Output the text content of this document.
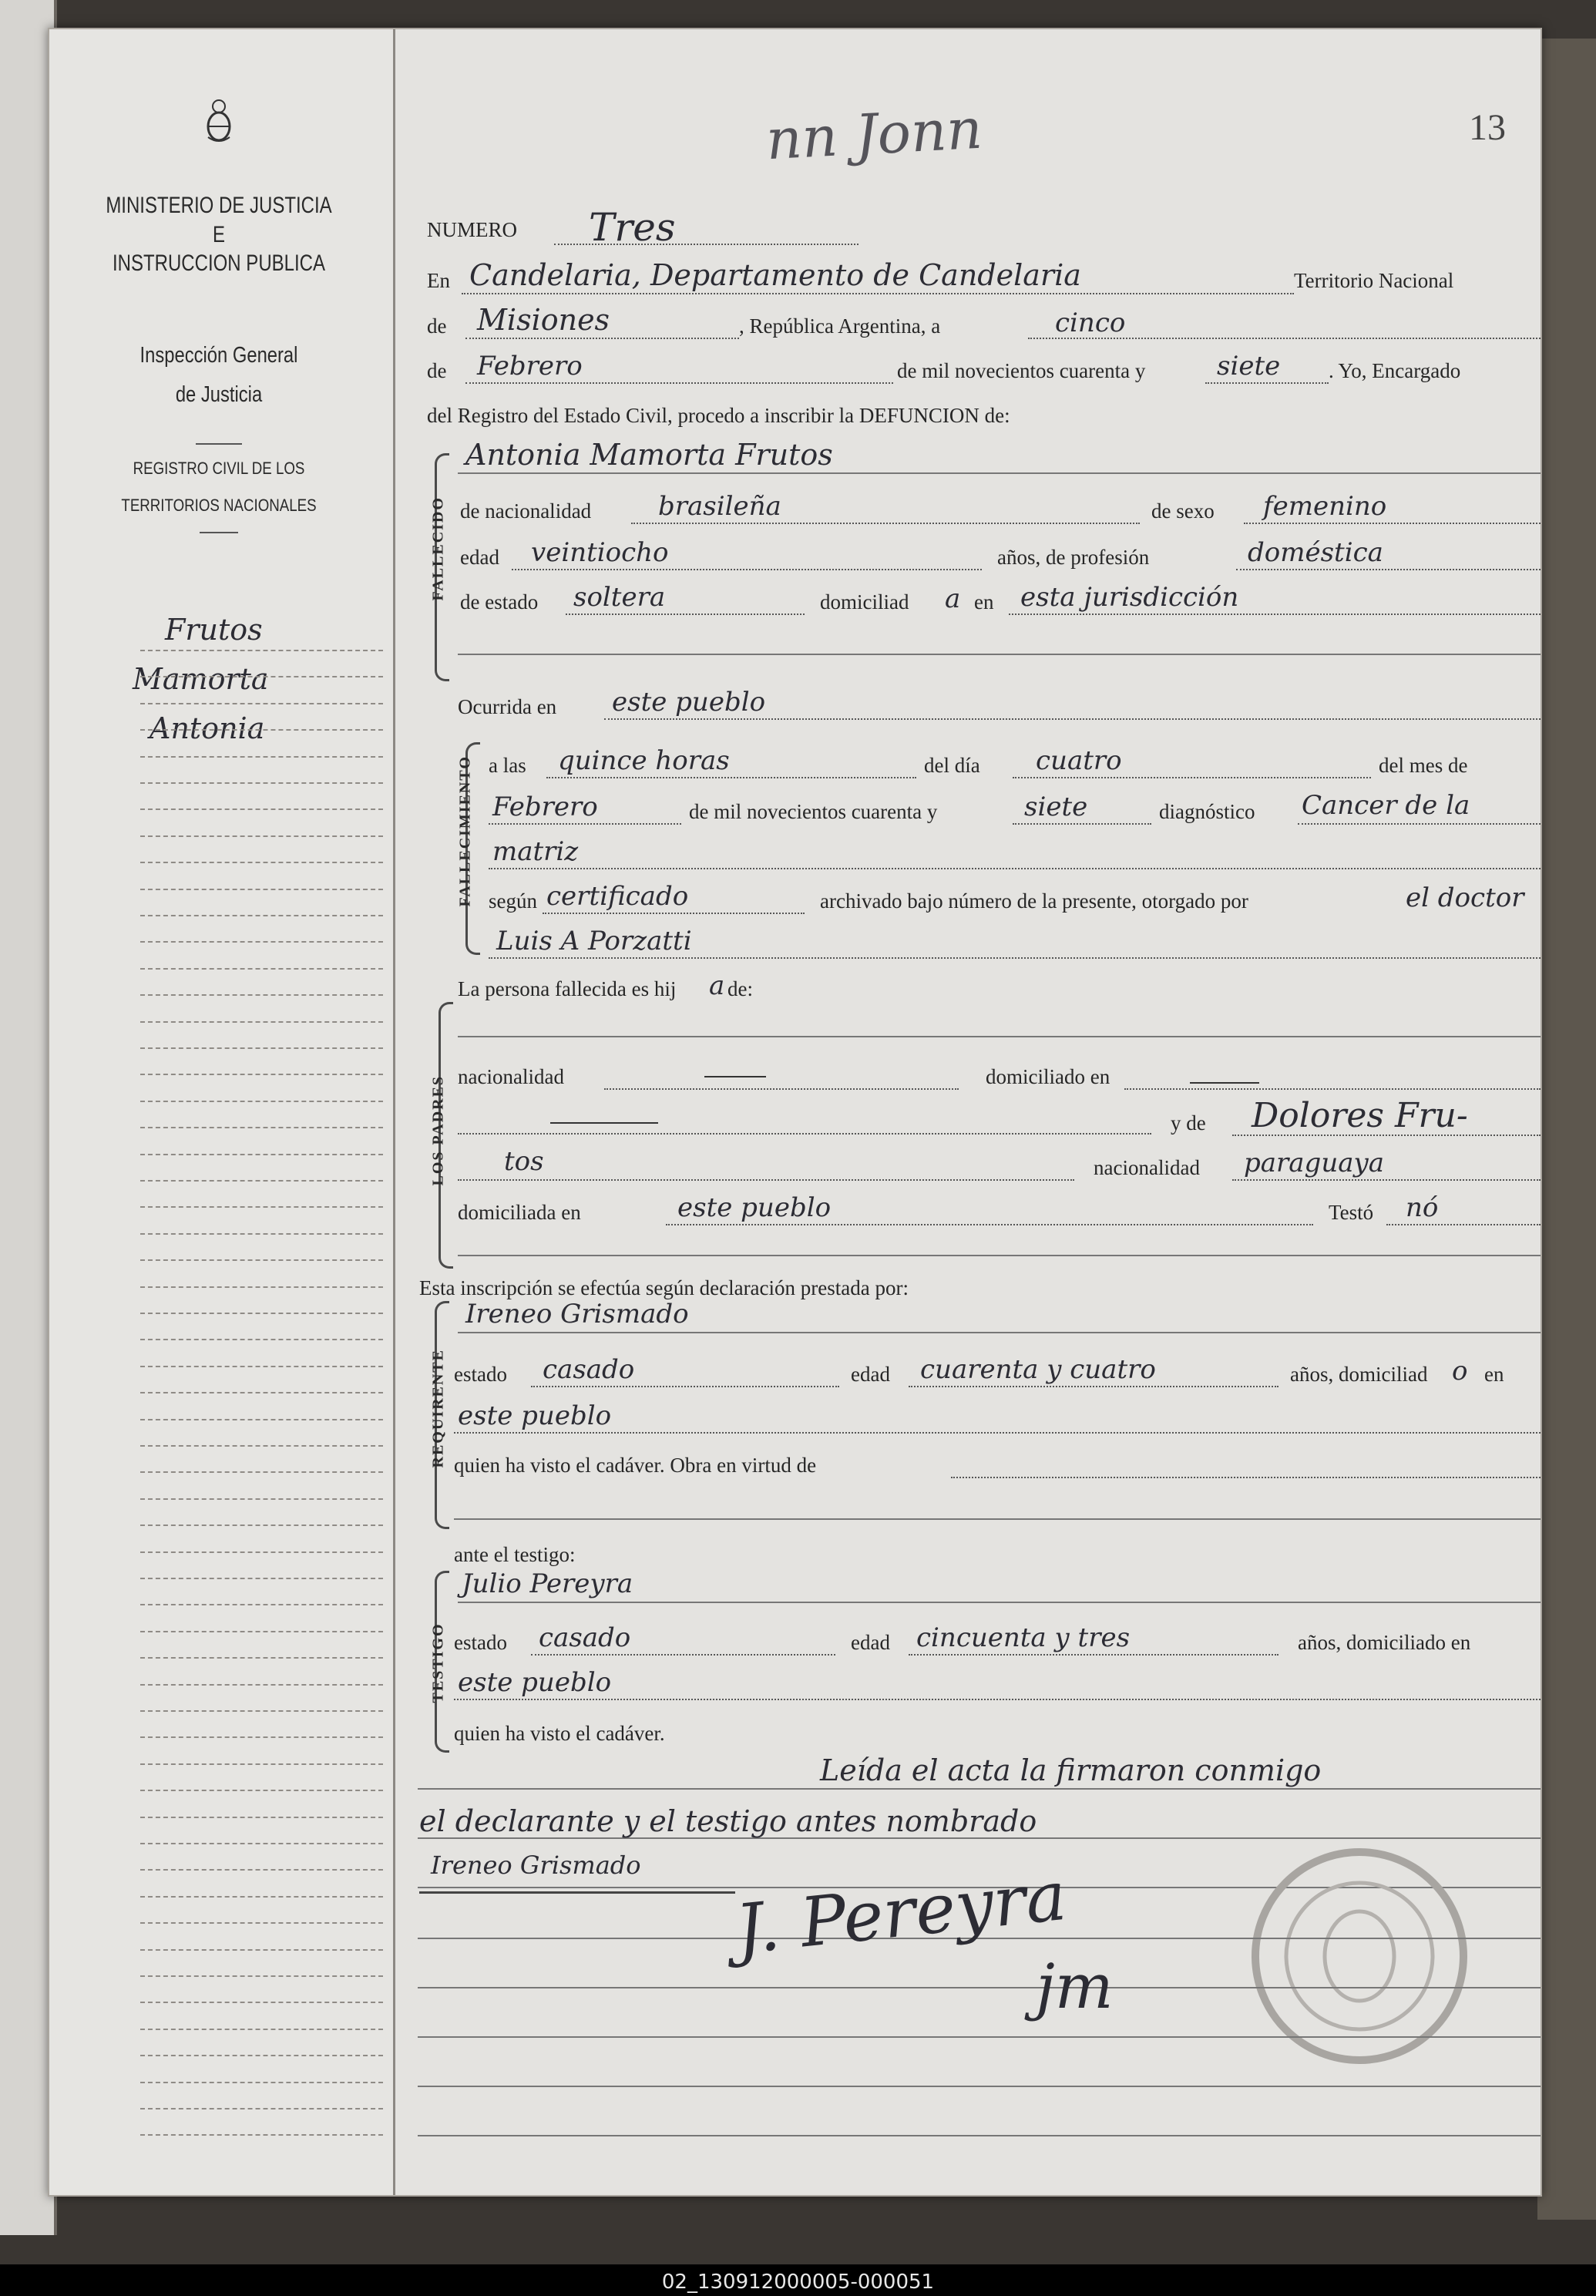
MINISTERIO DE JUSTICIA
E
INSTRUCCION PUBLICA
Inspección General
de Justicia
REGISTRO CIVIL DE LOS
TERRITORIOS NACIONALES
Frutos
Mamorta
Antonia
nn Jonn	13
NUMERO Tres
En Candelaria, Departamento de Candelaria	Territorio Nacional
de Misiones	, República Argentina, a	cinco
de Febrero	de mil novecientos cuarenta y	siete . Yo, Encargado
del Registro del Estado Civil, procedo a inscribir la DEFUNCION de:
FALLECIDO
Antonia Mamorta Frutos
de nacionalidad	brasileña	de sexo femenino
edad veintiocho	años, de profesión	doméstica
de estado soltera	domiciliad a en esta jurisdicción
Ocurrida en este pueblo
FALLECIMIENTO a las quince horas	del día cuatro	del mes de
Febrero	de mil novecientos cuarenta y	siete	diagnóstico Cancer de la
matriz
según certificado	archivado bajo número de la presente, otorgado por	el doctor
Luis A Porzatti
La persona fallecida es hij a de:
LOS PADRES nacionalidad	domiciliado en
y de Dolores Fru-
tos	nacionalidad paraguaya
domiciliada en	este pueblo	Testó nó
Esta inscripción se efectúa según declaración prestada por:
REQUIRENTE
Ireneo Grismado
estado casado	edad cuarenta y cuatro	años, domiciliad o en
este pueblo
quien ha visto el cadáver. Obra en virtud de
ante el testigo:
TESTIGO
Julio Pereyra
estado casado	edad cincuenta y tres	años, domiciliado en
este pueblo
quien ha visto el cadáver.
Leída el acta la firmaron conmigo
el declarante y el testigo antes nombrado
Ireneo Grismado J. Pereyra
jm
02_130912000005-000051
